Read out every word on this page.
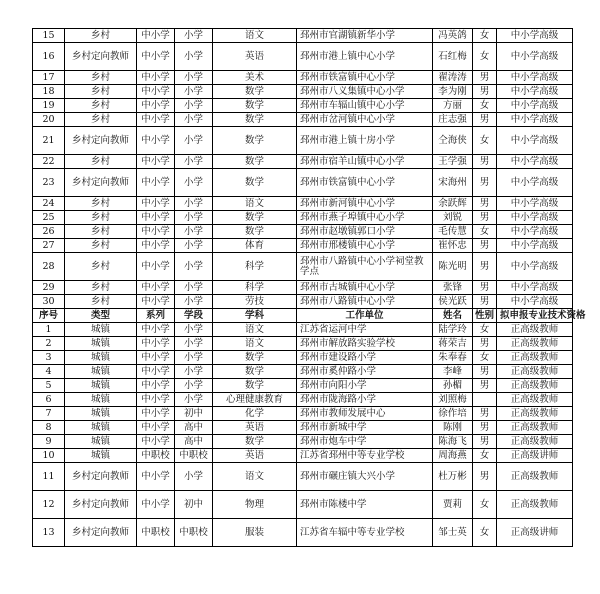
15	乡村	中小学	小学	语文	邳州市官湖镇新华小学	冯英鸽	女	中小学高级
16	乡村定向教师	中小学	小学	英语	邳州市港上镇中心小学	石红梅	女	中小学高级
17	乡村	中小学	小学	美术	邳州市铁富镇中心小学	翟涛涛	男	中小学高级
18	乡村	中小学	小学	数学	邳州市八义集镇中心小学	李为刚	男	中小学高级
19	乡村	中小学	小学	数学	邳州市车辐山镇中心小学	方丽	女	中小学高级
20	乡村	中小学	小学	数学	邳州市岔河镇中心小学	庄志强	男	中小学高级
21	乡村定向教师	中小学	小学	数学	邳州市港上镇十房小学	仝海侠	女	中小学高级
22	乡村	中小学	小学	数学	邳州市宿羊山镇中心小学	王学强	男	中小学高级
23	乡村定向教师	中小学	小学	数学	邳州市铁富镇中心小学	宋海州	男	中小学高级
24	乡村	中小学	小学	语文	邳州市新河镇中心小学	余跃辉	男	中小学高级
25	乡村	中小学	小学	数学	邳州市燕子埠镇中心小学	刘锐	男	中小学高级
26	乡村	中小学	小学	数学	邳州市赵墩镇郭口小学	毛传慧	女	中小学高级
27	乡村	中小学	小学	体育	邳州市邢楼镇中心小学	崔怀忠	男	中小学高级
28	乡村	中小学	小学	科学	邳州市八路镇中心小学祠堂教学点	陈光明	男	中小学高级
29	乡村	中小学	小学	科学	邳州市古城镇中心小学	张锋	男	中小学高级
30	乡村	中小学	小学	劳技	邳州市八路镇中心小学	侯光跃	男	中小学高级
序号	类型	系列	学段	学科	工作单位	姓名	性别	拟申报专业技术资格
1	城镇	中小学	小学	语文	江苏省运河中学	陆学玲	女	正高级教师
2	城镇	中小学	小学	语文	邳州市解放路实验学校	蒋荣吉	男	正高级教师
3	城镇	中小学	小学	数学	邳州市建设路小学	朱奉春	女	正高级教师
4	城镇	中小学	小学	数学	邳州市奚仲路小学	李峰	男	正高级教师
5	城镇	中小学	小学	数学	邳州市向阳小学	孙楣	男	正高级教师
6	城镇	中小学	小学	心理健康教育	邳州市陇海路小学	刘照梅		正高级教师
7	城镇	中小学	初中	化学	邳州市教师发展中心	徐作培	男	正高级教师
8	城镇	中小学	高中	英语	邳州市新城中学	陈刚	男	正高级教师
9	城镇	中小学	高中	数学	邳州市炮车中学	陈海飞	男	正高级教师
10	城镇	中职校	中职校	英语	江苏省邳州中等专业学校	周海燕	女	正高级讲师
11	乡村定向教师	中小学	小学	语文	邳州市碾庄镇大兴小学	杜万彬	男	正高级教师
12	乡村定向教师	中小学	初中	物理	邳州市陈楼中学	贾莉	女	正高级教师
13	乡村定向教师	中职校	中职校	服装	江苏省车辐中等专业学校	邹士英	女	正高级讲师
